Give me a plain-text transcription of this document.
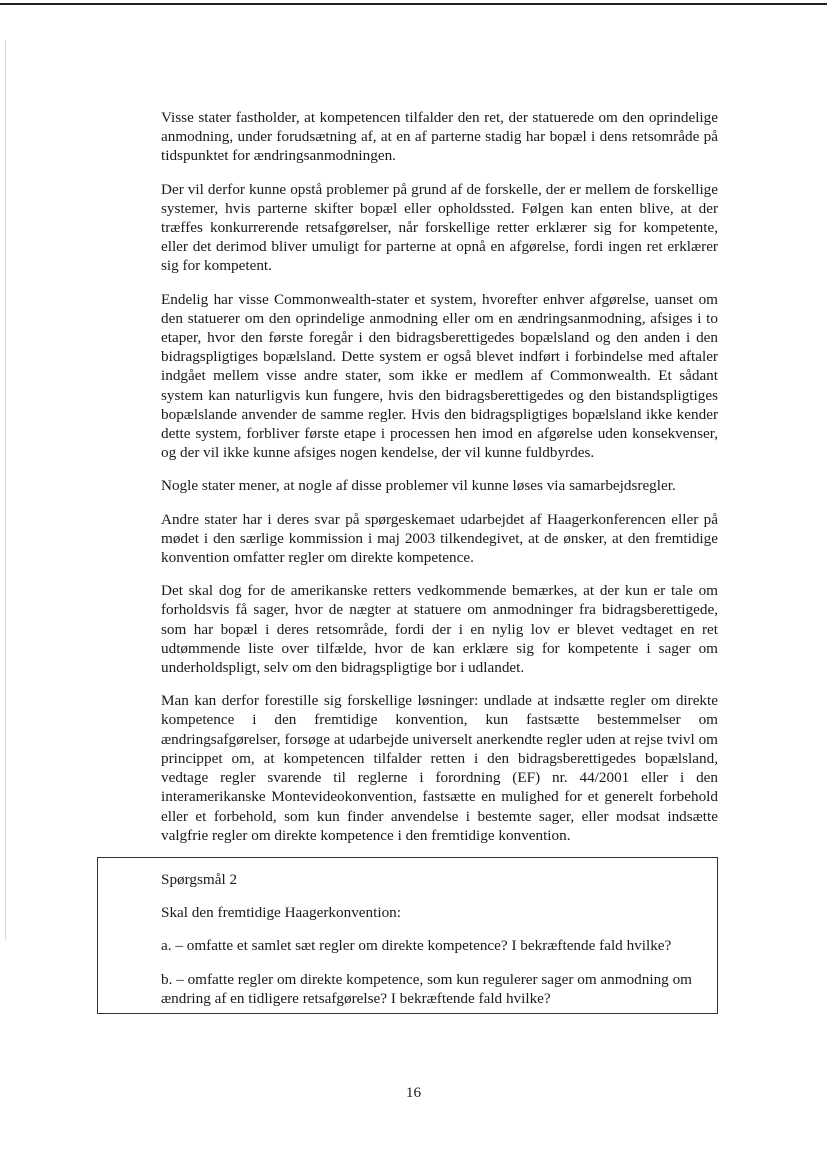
Visse stater fastholder, at kompetencen tilfalder den ret, der statuerede om den oprindelige anmodning, under forudsætning af, at en af parterne stadig har bopæl i dens retsområde på tidspunktet for ændringsanmodningen.

Der vil derfor kunne opstå problemer på grund af de forskelle, der er mellem de forskellige systemer, hvis parterne skifter bopæl eller opholdssted. Følgen kan enten blive, at der træffes konkurrerende retsafgørelser, når forskellige retter erklærer sig for kompetente, eller det derimod bliver umuligt for parterne at opnå en afgørelse, fordi ingen ret erklærer sig for kompetent.

Endelig har visse Commonwealth-stater et system, hvorefter enhver afgørelse, uanset om den statuerer om den oprindelige anmodning eller om en ændringsanmodning, afsiges i to etaper, hvor den første foregår i den bidragsberettigedes bopælsland og den anden i den bidragspligtiges bopælsland. Dette system er også blevet indført i forbindelse med aftaler indgået mellem visse andre stater, som ikke er medlem af Commonwealth. Et sådant system kan naturligvis kun fungere, hvis den bidragsberettigedes og den bistandspligtiges bopælslande anvender de samme regler. Hvis den bidragspligtiges bopælsland ikke kender dette system, forbliver første etape i processen hen imod en afgørelse uden konsekvenser, og der vil ikke kunne afsiges nogen kendelse, der vil kunne fuldbyrdes.

Nogle stater mener, at nogle af disse problemer vil kunne løses via samarbejdsregler.

Andre stater har i deres svar på spørgeskemaet udarbejdet af Haagerkonferencen eller på mødet i den særlige kommission i maj 2003 tilkendegivet, at de ønsker, at den fremtidige konvention omfatter regler om direkte kompetence.

Det skal dog for de amerikanske retters vedkommende bemærkes, at der kun er tale om forholdsvis få sager, hvor de nægter at statuere om anmodninger fra bidragsberettigede, som har bopæl i deres retsområde, fordi der i en nylig lov er blevet vedtaget en ret udtømmende liste over tilfælde, hvor de kan erklære sig for kompetente i sager om underholdspligt, selv om den bidragspligtige bor i udlandet.

Man kan derfor forestille sig forskellige løsninger: undlade at indsætte regler om direkte kompetence i den fremtidige konvention, kun fastsætte bestemmelser om ændringsafgørelser, forsøge at udarbejde universelt anerkendte regler uden at rejse tvivl om princippet om, at kompetencen tilfalder retten i den bidragsberettigedes bopælsland, vedtage regler svarende til reglerne i forordning (EF) nr. 44/2001 eller i den interamerikanske Montevideokonvention, fastsætte en mulighed for et generelt forbehold eller et forbehold, som kun finder anvendelse i bestemte sager, eller modsat indsætte valgfrie regler om direkte kompetence i den fremtidige konvention.

Spørgsmål 2

Skal den fremtidige Haagerkonvention:

a. – omfatte et samlet sæt regler om direkte kompetence? I bekræftende fald hvilke?

b. – omfatte regler om direkte kompetence, som kun regulerer sager om anmodning om ændring af en tidligere retsafgørelse? I bekræftende fald hvilke?

16
